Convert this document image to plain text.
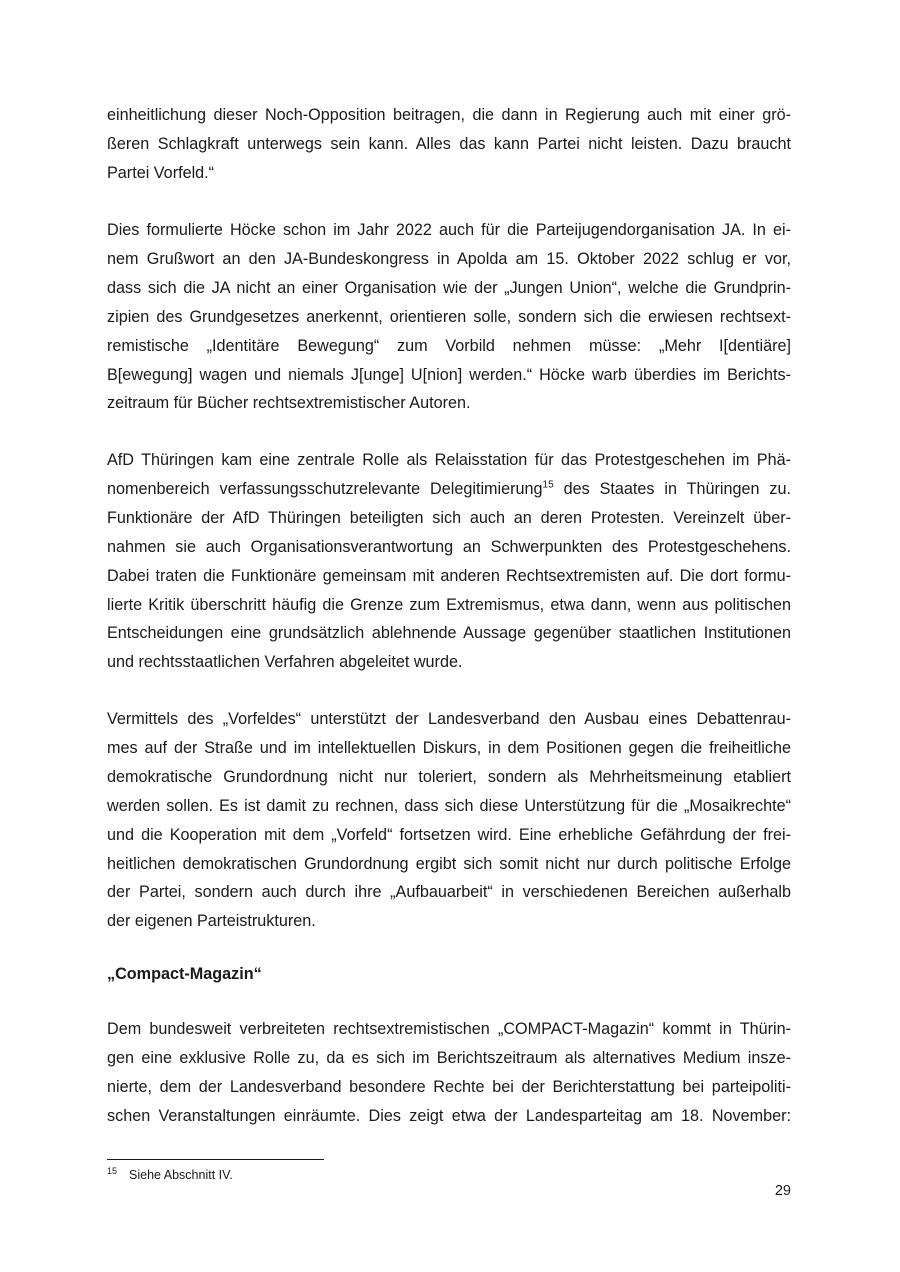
einheitlichung dieser Noch-Opposition beitragen, die dann in Regierung auch mit einer grö-
ßeren Schlagkraft unterwegs sein kann. Alles das kann Partei nicht leisten. Dazu braucht
Partei Vorfeld.“

Dies formulierte Höcke schon im Jahr 2022 auch für die Parteijugendorganisation JA. In ei-
nem Grußwort an den JA-Bundeskongress in Apolda am 15. Oktober 2022 schlug er vor,
dass sich die JA nicht an einer Organisation wie der „Jungen Union“, welche die Grundprin-
zipien des Grundgesetzes anerkennt, orientieren solle, sondern sich die erwiesen rechtsext-
remistische „Identitäre Bewegung“ zum Vorbild nehmen müsse: „Mehr I[dentiäre]
B[ewegung] wagen und niemals J[unge] U[nion] werden.“ Höcke warb überdies im Berichts-
zeitraum für Bücher rechtsextremistischer Autoren.

AfD Thüringen kam eine zentrale Rolle als Relaisstation für das Protestgeschehen im Phä-
nomenbereich verfassungsschutzrelevante Delegitimierung$^{15}$ des Staates in Thüringen zu.
Funktionäre der AfD Thüringen beteiligten sich auch an deren Protesten. Vereinzelt über-
nahmen sie auch Organisationsverantwortung an Schwerpunkten des Protestgeschehens.
Dabei traten die Funktionäre gemeinsam mit anderen Rechtsextremisten auf. Die dort formu-
lierte Kritik überschritt häufig die Grenze zum Extremismus, etwa dann, wenn aus politischen
Entscheidungen eine grundsätzlich ablehnende Aussage gegenüber staatlichen Institutionen
und rechtsstaatlichen Verfahren abgeleitet wurde.

Vermittels des „Vorfeldes“ unterstützt der Landesverband den Ausbau eines Debattenrau-
mes auf der Straße und im intellektuellen Diskurs, in dem Positionen gegen die freiheitliche
demokratische Grundordnung nicht nur toleriert, sondern als Mehrheitsmeinung etabliert
werden sollen. Es ist damit zu rechnen, dass sich diese Unterstützung für die „Mosaikrechte“
und die Kooperation mit dem „Vorfeld“ fortsetzen wird. Eine erhebliche Gefährdung der frei-
heitlichen demokratischen Grundordnung ergibt sich somit nicht nur durch politische Erfolge
der Partei, sondern auch durch ihre „Aufbauarbeit“ in verschiedenen Bereichen außerhalb
der eigenen Parteistrukturen.

„Compact-Magazin“

Dem bundesweit verbreiteten rechtsextremistischen „COMPACT-Magazin“ kommt in Thürin-
gen eine exklusive Rolle zu, da es sich im Berichtszeitraum als alternatives Medium insze-
nierte, dem der Landesverband besondere Rechte bei der Berichterstattung bei parteipoliti-
schen Veranstaltungen einräumte. Dies zeigt etwa der Landesparteitag am 18. November:

$^{15}$ Siehe Abschnitt IV.
29
